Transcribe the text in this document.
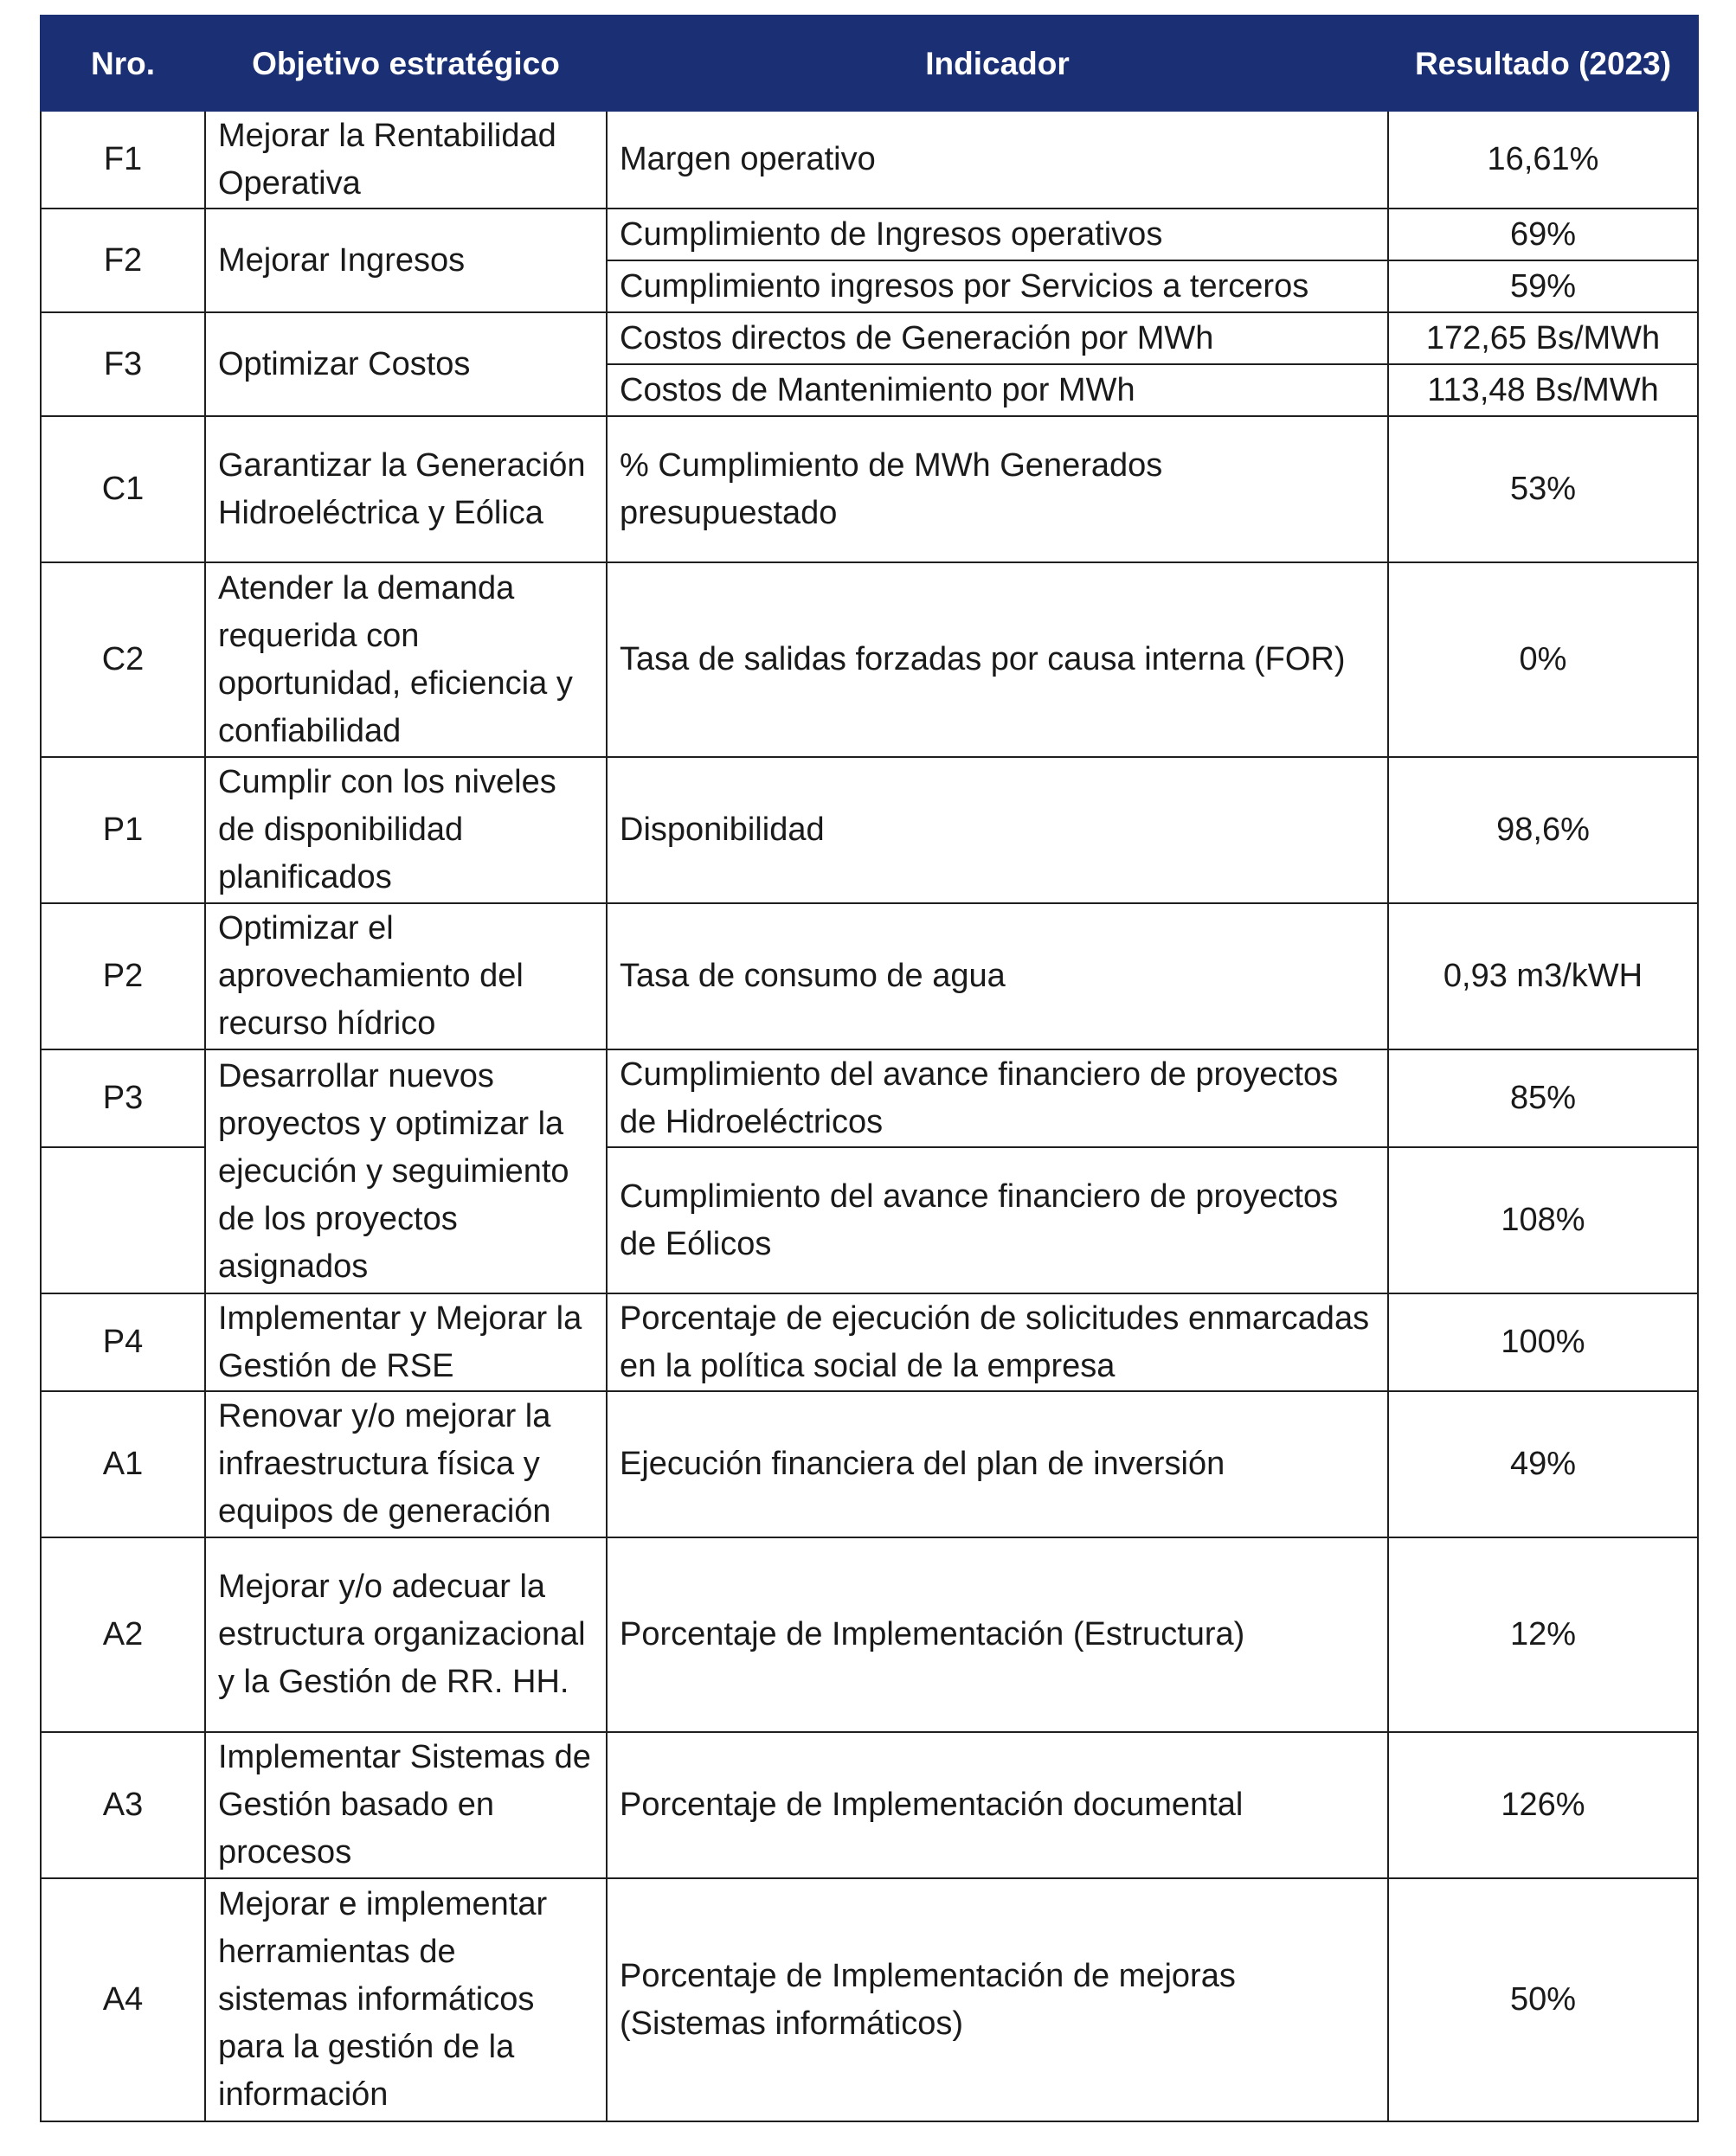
Nro.	Objetivo estratégico	Indicador	Resultado (2023)
F1	Mejorar la Rentabilidad Operativa	Margen operativo	16,61%
F2	Mejorar Ingresos	Cumplimiento de Ingresos operativos	69%
		Cumplimiento ingresos por Servicios a terceros	59%
F3	Optimizar Costos	Costos directos de Generación por MWh	172,65 Bs/MWh
		Costos de Mantenimiento por MWh	113,48 Bs/MWh
C1	Garantizar la Generación Hidroeléctrica y Eólica	% Cumplimiento de MWh Generados presupuestado	53%
C2	Atender la demanda requerida con oportunidad, eficiencia y confiabilidad	Tasa de salidas forzadas por causa interna (FOR)	0%
P1	Cumplir con los niveles de disponibilidad planificados	Disponibilidad	98,6%
P2	Optimizar el aprovechamiento del recurso hídrico	Tasa de consumo de agua	0,93 m3/kWH
P3	Desarrollar nuevos proyectos y optimizar la ejecución y seguimiento de los proyectos asignados	Cumplimiento del avance financiero de proyectos de Hidroeléctricos	85%
		Cumplimiento del avance financiero de proyectos de Eólicos	108%
P4	Implementar y Mejorar la Gestión de RSE	Porcentaje de ejecución de solicitudes enmarcadas en la política social de la empresa	100%
A1	Renovar y/o mejorar la infraestructura física y equipos de generación	Ejecución financiera del plan de inversión	49%
A2	Mejorar y/o adecuar la estructura organizacional y la Gestión de RR. HH.	Porcentaje de Implementación (Estructura)	12%
A3	Implementar Sistemas de Gestión basado en procesos	Porcentaje de Implementación documental	126%
A4	Mejorar e implementar herramientas de sistemas informáticos para la gestión de la información	Porcentaje de Implementación de mejoras (Sistemas informáticos)	50%
